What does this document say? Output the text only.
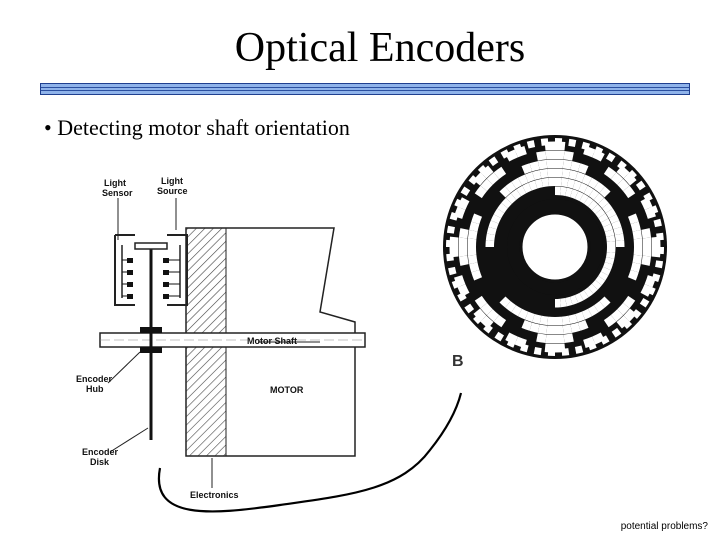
Optical Encoders
• Detecting motor shaft orientation
Light
Sensor
Light
Source
Motor Shaft
MOTOR
Encoder
Hub
Encoder
Disk
Electronics
B
potential problems?
